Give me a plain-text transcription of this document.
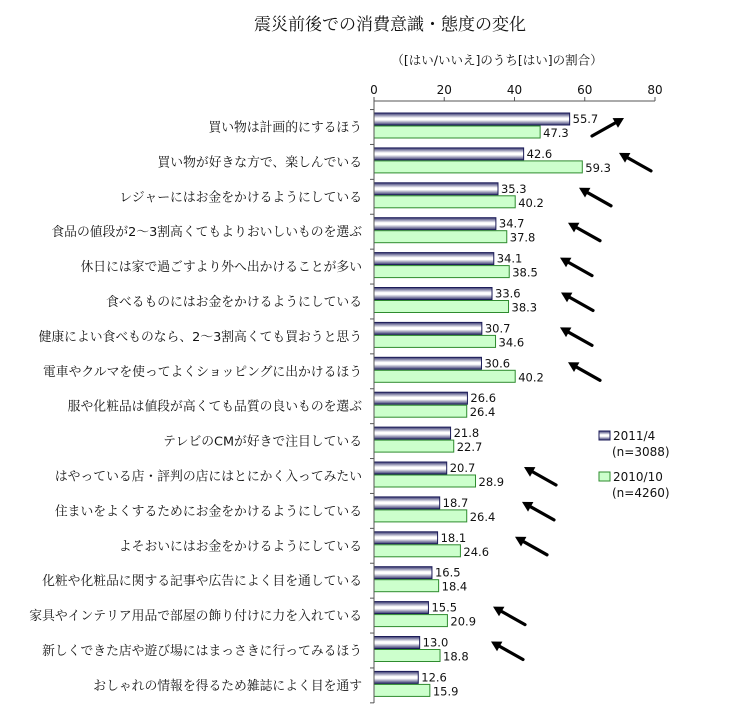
震災前後での消費意識・態度の変化
（[はい/いいえ]のうち[はい]の割合）
買い物は計画的にするほう
55.7
47.3
買い物が好きな方で、楽しんでいる
42.6
59.3
レジャーにはお金をかけるようにしている
35.3
40.2
食品の値段が2～3割高くてもよりおいしいものを選ぶ
34.7
37.8
休日には家で過ごすより外へ出かけることが多い
34.1
38.5
食べるものにはお金をかけるようにしている
33.6
38.3
健康によい食べものなら、2～3割高くても買おうと思う
30.7
34.6
電車やクルマを使ってよくショッピングに出かけるほう
30.6
40.2
服や化粧品は値段が高くても品質の良いものを選ぶ
26.6
26.4
テレビのCMが好きで注目している
21.8
22.7
はやっている店・評判の店にはとにかく入ってみたい
20.7
28.9
住まいをよくするためにお金をかけるようにしている
18.7
26.4
よそおいにはお金をかけるようにしている
18.1
24.6
化粧や化粧品に関する記事や広告によく目を通している
16.5
18.4
家具やインテリア用品で部屋の飾り付けに力を入れている
15.5
20.9
新しくできた店や遊び場にはまっさきに行ってみるほう
13.0
18.8
おしゃれの情報を得るため雑誌によく目を通す
12.6
15.9
0	20	40	60	80
2011/4
(n=3088)
2010/10
(n=4260)
